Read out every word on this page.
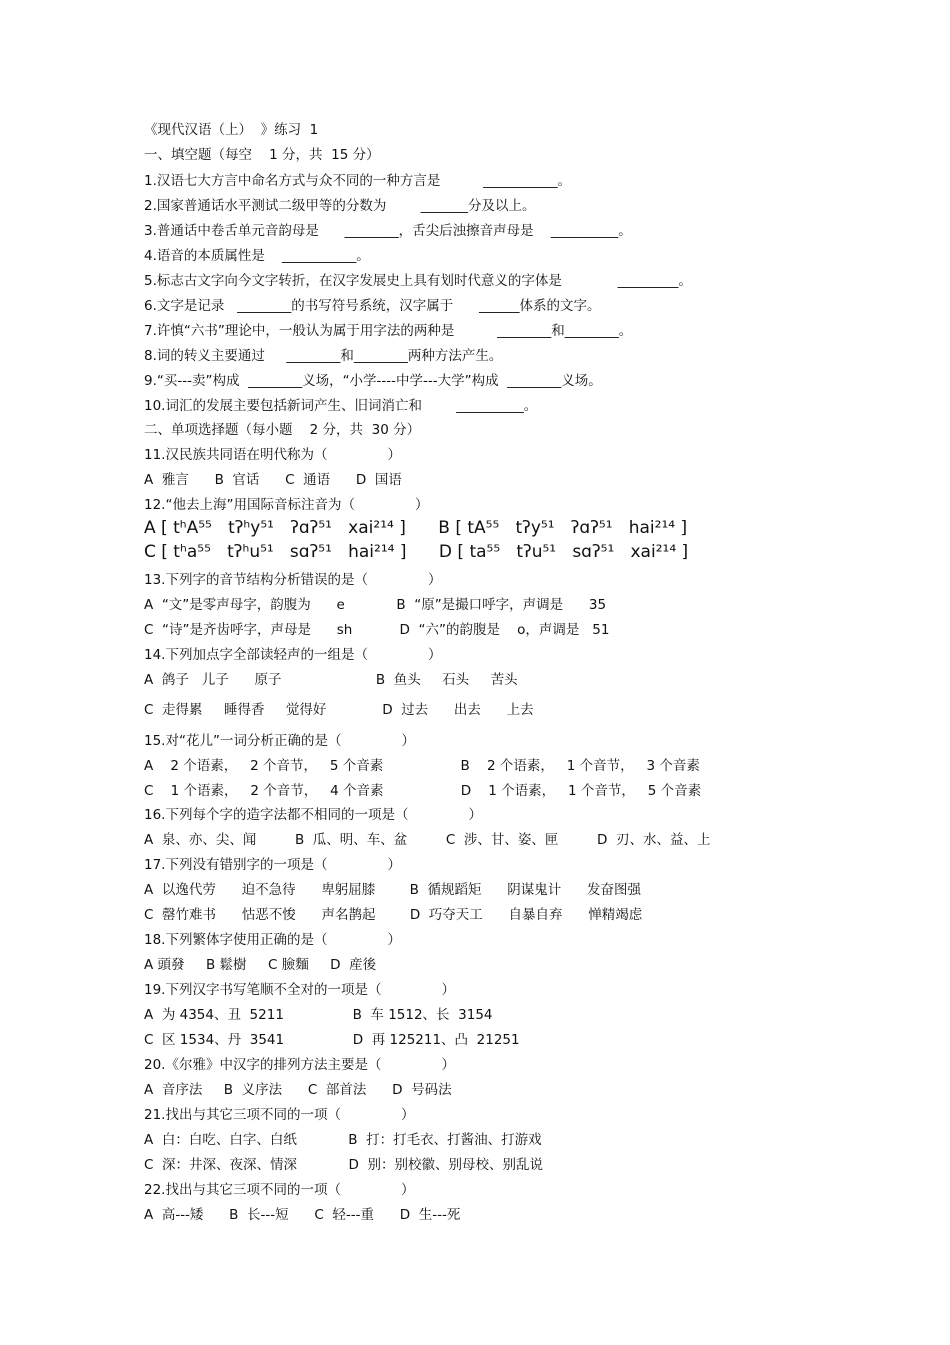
《现代汉语（上）  》练习  1
一、填空题（每空    1 分，共  15 分）
1.汉语七大方言中命名方式与众不同的一种方言是          ___________。
2.国家普通话水平测试二级甲等的分数为        _______分及以上。
3.普通话中卷舌单元音韵母是      ________，舌尖后浊擦音声母是    __________。
4.语音的本质属性是    ___________。
5.标志古文字向今文字转折，在汉字发展史上具有划时代意义的字体是             _________。
6.文字是记录   ________的书写符号系统，汉字属于      ______体系的文字。
7.许慎“六书”理论中，一般认为属于用字法的两种是          ________和________。
8.词的转义主要通过     ________和________两种方法产生。
9.“买---卖”构成  ________义场，“小学----中学---大学”构成  ________义场。
10.词汇的发展主要包括新词产生、旧词消亡和        __________。
二、单项选择题（每小题    2 分，共  30 分）
11.汉民族共同语在明代称为（              ）
A  雅言      B  官话      C  通语      D  国语
12.“他去上海”用国际音标注音为（              ）
A [ tʰA⁵⁵   tʔʰy⁵¹   ʔɑʔ⁵¹   xai²¹⁴ ]      B [ tA⁵⁵   tʔy⁵¹   ʔɑʔ⁵¹   hai²¹⁴ ]
C [ tʰa⁵⁵   tʔʰu⁵¹   sɑʔ⁵¹   hai²¹⁴ ]      D [ ta⁵⁵   tʔu⁵¹   sɑʔ⁵¹   xai²¹⁴ ]
13.下列字的音节结构分析错误的是（              ）
A  “文”是零声母字，韵腹为      e            B  “原”是撮口呼字，声调是      35
C  “诗”是齐齿呼字，声母是      sh           D  “六”的韵腹是    o，声调是   51
14.下列加点字全部读轻声的一组是（              ）
A  鸽子   儿子      原子                      B  鱼头     石头     苦头
C  走得累     睡得香     觉得好             D  过去      出去      上去
15.对“花儿”一词分析正确的是（              ）
A    2 个语素，   2 个音节，   5 个音素                  B    2 个语素，   1 个音节，   3 个音素
C    1 个语素，   2 个音节，   4 个音素                  D    1 个语素，   1 个音节，   5 个音素
16.下列每个字的造字法都不相同的一项是（              ）
A  泉、亦、尖、闻         B  瓜、明、车、盆         C  涉、甘、姿、匣         D  刃、水、益、上
17.下列没有错别字的一项是（              ）
A  以逸代劳      迫不急待      卑躬屈膝        B  循规蹈矩      阴谋鬼计      发奋图强
C  罄竹难书      怙恶不悛      声名鹊起        D  巧夺天工      自暴自弃      惮精竭虑
18.下列繁体字使用正确的是（              ）
A 頭發     B 鬆樹     C 臉麵     D  産後
19.下列汉字书写笔顺不全对的一项是（              ）
A  为 4354、丑  5211                B  车 1512、长  3154
C  区 1534、丹  3541                D  再 125211、凸  21251
20.《尔雅》中汉字的排列方法主要是（              ）
A  音序法     B  义序法      C  部首法      D  号码法
21.找出与其它三项不同的一项（              ）
A  白：白吃、白字、白纸            B  打：打毛衣、打酱油、打游戏
C  深：井深、夜深、情深            D  别：别校徽、别母校、别乱说
22.找出与其它三项不同的一项（              ）
A  高---矮      B  长---短      C  轻---重      D  生---死
